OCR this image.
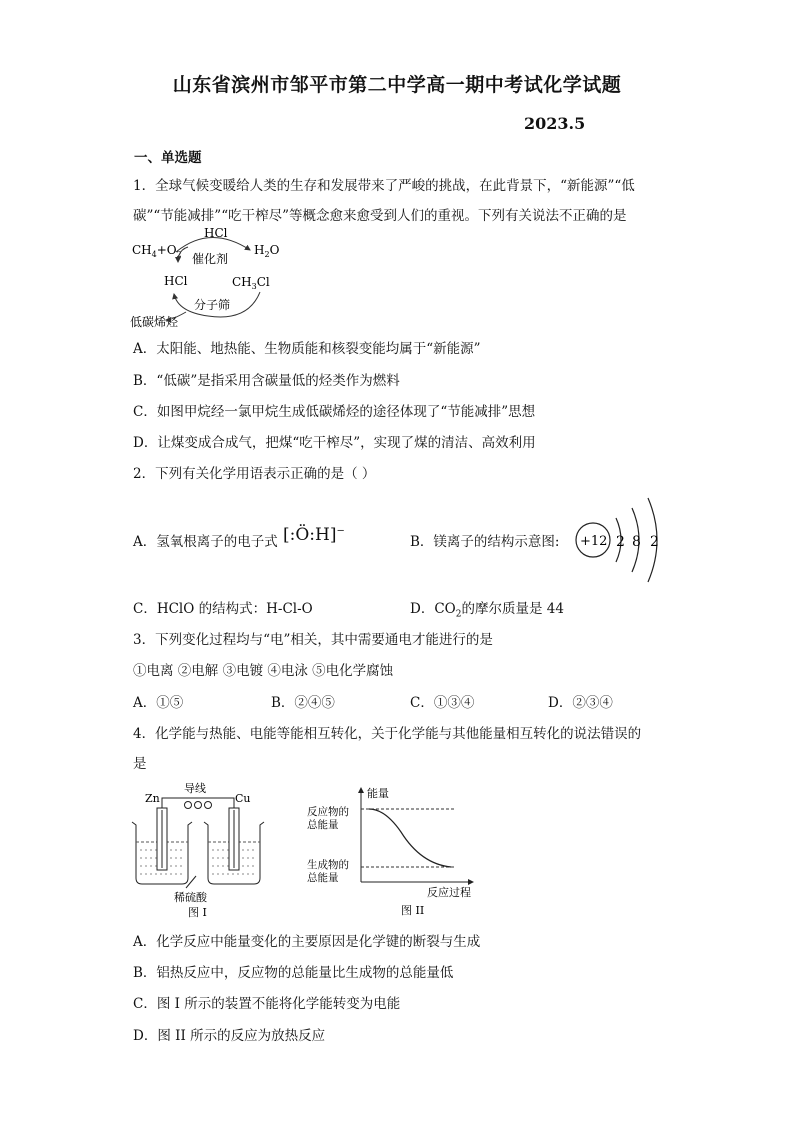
山东省滨州市邹平市第二中学高一期中考试化学试题
2023.5
一、单选题
1．全球气候变暖给人类的生存和发展带来了严峻的挑战，在此背景下，“新能源”“低
碳”“节能减排”“吃干榨尽”等概念愈来愈受到人们的重视。下列有关说法不正确的是
HCl
$CH_4+O_2$	$H_2O$
催化剂
$CH_3Cl$
HCl
分子筛
低碳烯烃
A．太阳能、地热能、生物质能和核裂变能均属于“新能源”
B．“低碳”是指采用含碳量低的烃类作为燃料
C．如图甲烷经一氯甲烷生成低碳烯烃的途径体现了“节能减排”思想
D．让煤变成合成气，把煤“吃干榨尽”，实现了煤的清洁、高效利用
2．下列有关化学用语表示正确的是（ ）
A．氢氧根离子的电子式 [:Ö:H]−
B．镁离子的结构示意图: +12 2 8 2
C．HClO 的结构式：H-Cl-O	D．$CO_2$的摩尔质量是 44
3．下列变化过程均与“电”相关，其中需要通电才能进行的是
①电离 ②电解 ③电镀 ④电泳 ⑤电化学腐蚀
A．①⑤	B．②④⑤	C．①③④	D．②③④
4．化学能与热能、电能等能相互转化，关于化学能与其他能量相互转化的说法错误的
是
导线
Zn	Cu
稀硫酸
图 I
能量
反应物的
总能量
生成物的
总能量
反应过程
图 II
A．化学反应中能量变化的主要原因是化学键的断裂与生成
B．铝热反应中，反应物的总能量比生成物的总能量低
C．图 I 所示的装置不能将化学能转变为电能
D．图 II 所示的反应为放热反应
